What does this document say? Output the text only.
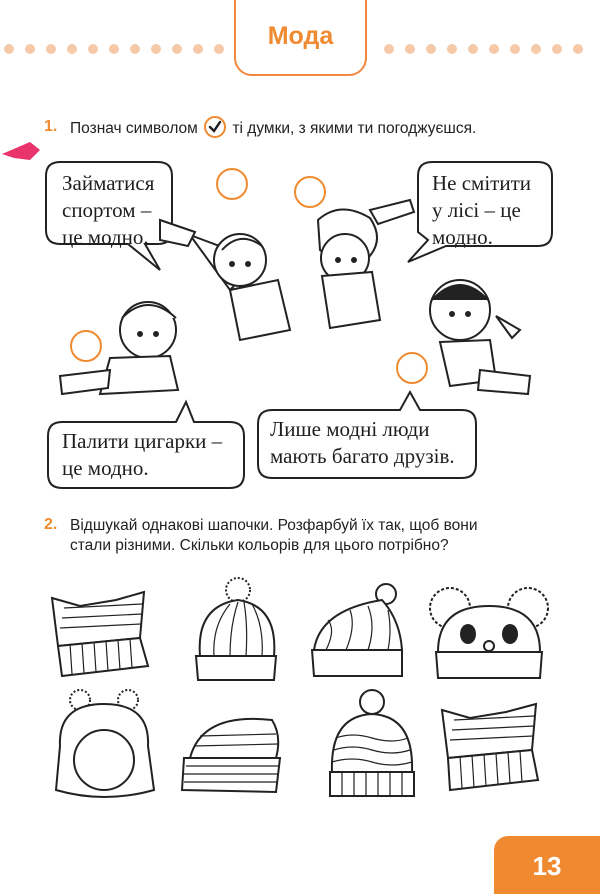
Мода
1. Познач символом ті думки, з якими ти погоджуєшся.
Займатися
спортом –
це модно.
Не смітити
у лісі – це
модно.
Палити цигарки –
це модно.
Лише модні люди
мають багато друзів.
2. Відшукай однакові шапочки. Розфарбуй їх так, щоб вони
стали різними. Скільки кольорів для цього потрібно?
13
